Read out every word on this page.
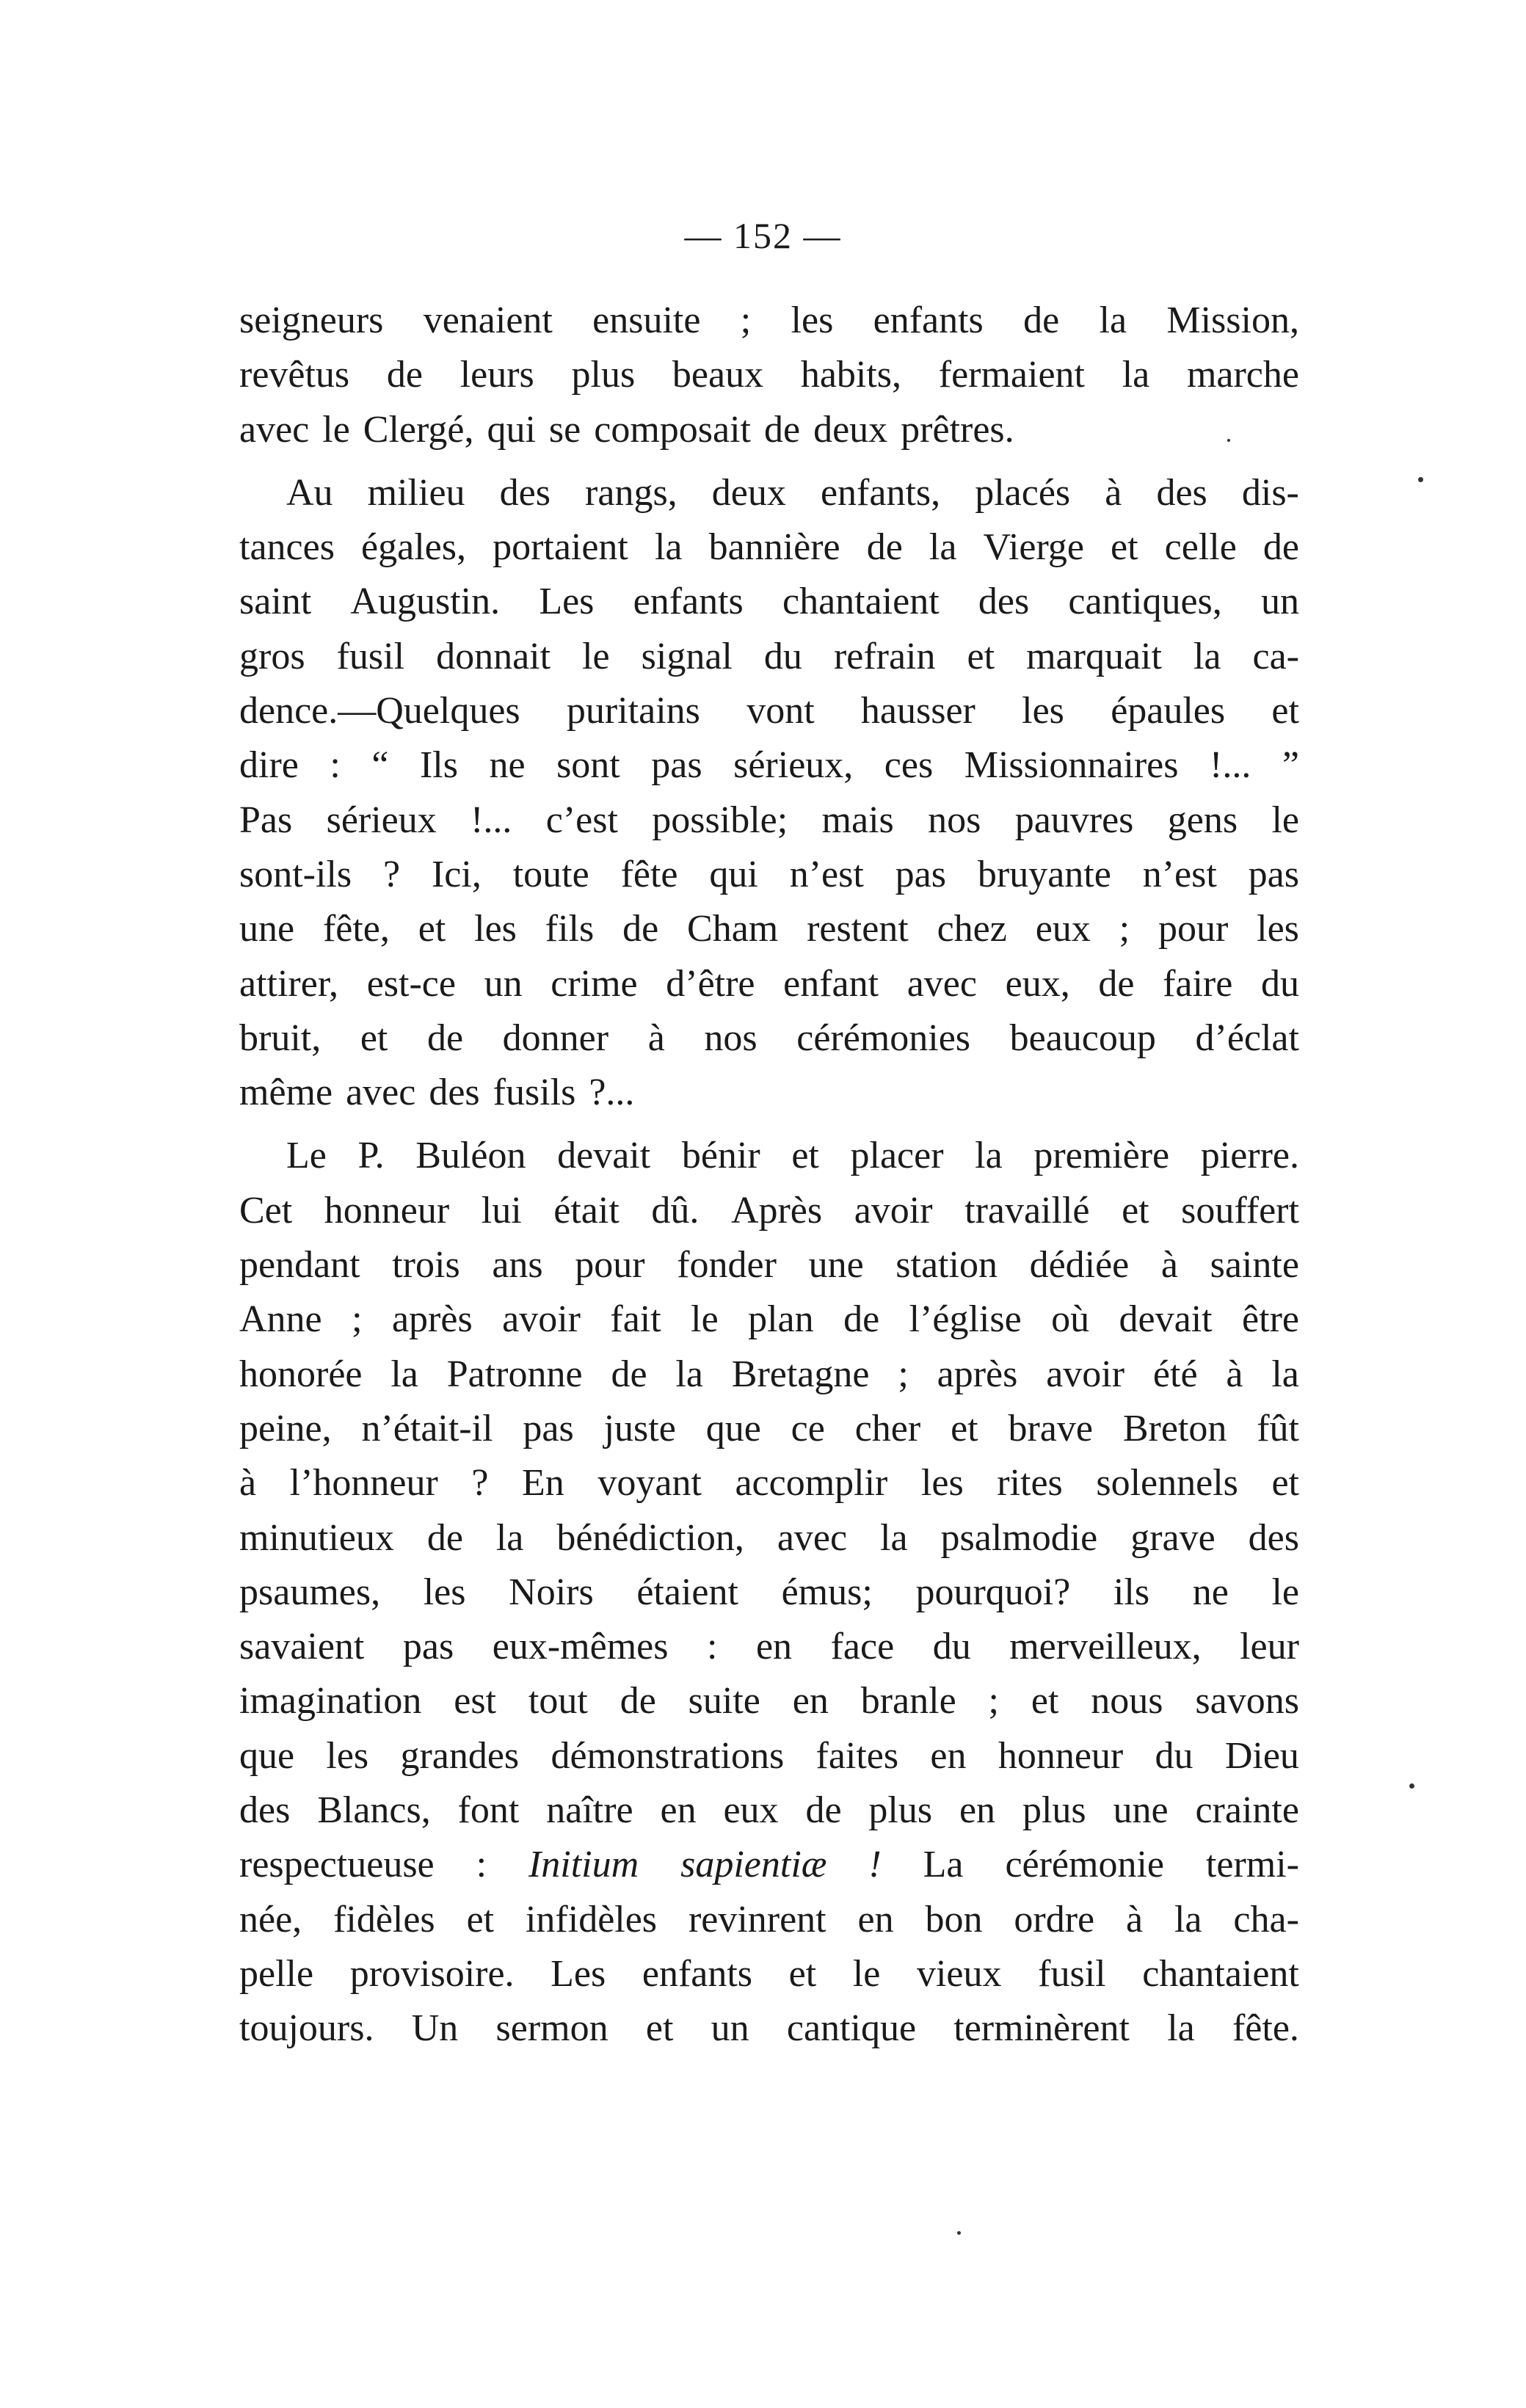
— 152 —
seigneurs venaient ensuite ; les enfants de la Mission,
revêtus de leurs plus beaux habits, fermaient la marche
avec le Clergé, qui se composait de deux prêtres.
Au milieu des rangs, deux enfants, placés à des dis-
tances égales, portaient la bannière de la Vierge et celle de
saint Augustin. Les enfants chantaient des cantiques, un
gros fusil donnait le signal du refrain et marquait la ca-
dence.—Quelques puritains vont hausser les épaules et
dire : “ Ils ne sont pas sérieux, ces Missionnaires !... ”
Pas sérieux !... c’est possible; mais nos pauvres gens le
sont-ils ? Ici, toute fête qui n’est pas bruyante n’est pas
une fête, et les fils de Cham restent chez eux ; pour les
attirer, est-ce un crime d’être enfant avec eux, de faire du
bruit, et de donner à nos cérémonies beaucoup d’éclat
même avec des fusils ?...
Le P. Buléon devait bénir et placer la première pierre.
Cet honneur lui était dû. Après avoir travaillé et souffert
pendant trois ans pour fonder une station dédiée à sainte
Anne ; après avoir fait le plan de l’église où devait être
honorée la Patronne de la Bretagne ; après avoir été à la
peine, n’était-il pas juste que ce cher et brave Breton fût
à l’honneur ? En voyant accomplir les rites solennels et
minutieux de la bénédiction, avec la psalmodie grave des
psaumes, les Noirs étaient émus; pourquoi? ils ne le
savaient pas eux-mêmes : en face du merveilleux, leur
imagination est tout de suite en branle ; et nous savons
que les grandes démonstrations faites en honneur du Dieu
des Blancs, font naître en eux de plus en plus une crainte
respectueuse : Initium sapientiæ ! La cérémonie termi-
née, fidèles et infidèles revinrent en bon ordre à la cha-
pelle provisoire. Les enfants et le vieux fusil chantaient
toujours. Un sermon et un cantique terminèrent la fête.
